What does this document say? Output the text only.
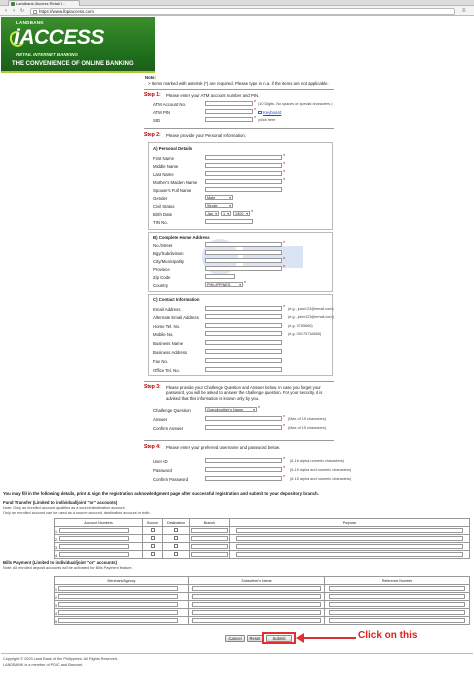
Landbank iAccess Retail I...
‹	› ↻	https://www.lbpiaccess.com	≡
LANDBANK
iACCESS
RETAIL INTERNET BANKING
THE CONVENIENCE OF ONLINE BANKING
Note:
> Items marked with asterisk (*) are required. Please type in n.a. if the items are not applicable.
Step 1: Please enter your ATM account number and PIN.
ATM Account No.	* (10 Digits. No spaces or special characters.)
ATM PIN	*	Keyboard
SID	* (click here
Step 2: Please provide your Personal Information.
A) Personal Details
First Name	*
Middle Name	*
Last Name	*
Mother's Maiden Name	*
Spouse's Full Name
Gender	Male ▾
Civil Status	Single ▾
Birth Date	Jan ▾	1 ▾	1900 ▾	*
TIN No.
B) Complete Home Address
No./Street	*
Bgy/Subdivision
City/Municipality	*
Province	*
Zip Code
Country	PHILIPPINES ▾	*
C) Contact Information
Email Address	* (e.g., juan123@email.com)
Alternate Email Address	(e.g., jdmr123@email.com)
Home Tel. No.	(e.g. 9755666)
Mobile No.	(e.g. 09175716666)
Business Name
Business Address
Fax No.
Office Tel. No.
Step 3: Please provide your Challenge Question and Answer below. In case you forget your password, you will be asked to answer the challenge question. For your security, it is advised that this information is known only by you.
Challenge Question	Grandmother's Name ▾	*
Answer	* (Max of 15 characters)
Confirm Answer	* (Max of 15 characters)
Step 4: Please enter your preferred username and password below.
User ID	* (6-16 alpha-numeric characters)
Password	* (6-15 alpha and numeric characters)
Confirm Password	* (6-15 alpha and numeric characters)
You may fill in the following details, print & sign the registration acknowledgment page after successful registration and submit to your depository branch.
Fund Transfer (Limited to individual/joint "or" accounts)
Note: Only an enrolled account qualifies as a source/destination account.
Only an enrolled account can be used as a source account, destination account or both.
Account Numbers	Source	Destination	Branch	Purpose
1.				
2.				
3.				
4.				
Bills Payment (Limited to individual/joint "or" accounts)
Note: All enrolled deposit accounts will be activated for Bills Payment feature.
Merchant/Agency	Subscriber's Name	Reference Number
1		
2		
3		
4		
5		
Cancel	Reset	Submit	Click on this
Copyright © 2003 Land Bank of the Philippines. All Rights Reserved.
LANDBANK is a member of PDIC and Bancnet.
